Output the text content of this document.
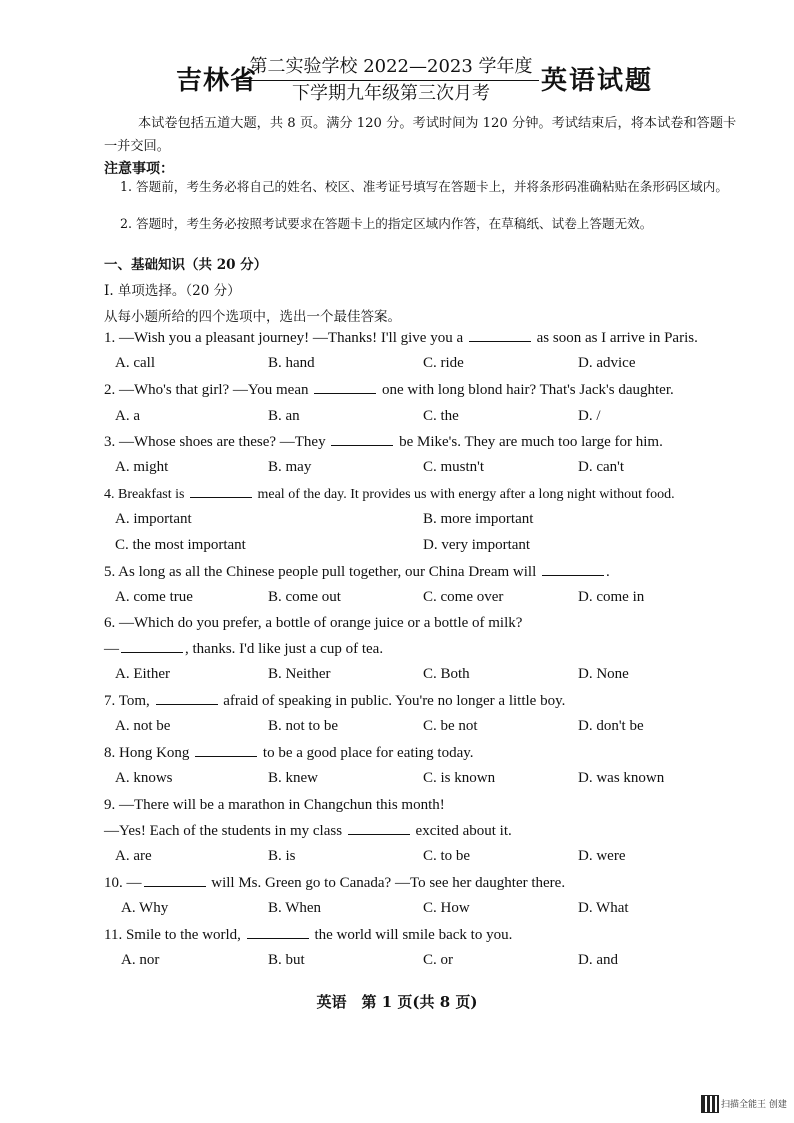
吉林省
第二实验学校 2022—2023 学年度
下学期九年级第三次月考	英语试题
本试卷包括五道大题，共 8 页。满分 120 分。考试时间为 120 分钟。考试结束后，将本试卷和答题卡一并交回。
注意事项：
1. 答题前，考生务必将自己的姓名、校区、准考证号填写在答题卡上，并将条形码准确粘贴在条形码区域内。
2. 答题时，考生务必按照考试要求在答题卡上的指定区域内作答，在草稿纸、试卷上答题无效。
一、基础知识（共 20 分）
I. 单项选择。（20 分）
从每小题所给的四个选项中，选出一个最佳答案。
1. —Wish you a pleasant journey! —Thanks! I'll give you a	as soon as I arrive in Paris.
A. call	B. hand	C. ride	D. advice
2. —Who's that girl? —You mean	one with long blond hair? That's Jack's daughter.
A. a	B. an	C. the	D. /
3. —Whose shoes are these? —They	be Mike's. They are much too large for him.
A. might	B. may	C. mustn't	D. can't
4. Breakfast is	meal of the day. It provides us with energy after a long night without food.
A. important	B. more important
C. the most important	D. very important
5. As long as all the Chinese people pull together, our China Dream will	.
A. come true	B. come out	C. come over	D. come in
6. —Which do you prefer, a bottle of orange juice or a bottle of milk?
—	, thanks. I'd like just a cup of tea.
A. Either	B. Neither	C. Both	D. None
7. Tom,	afraid of speaking in public. You're no longer a little boy.
A. not be	B. not to be	C. be not	D. don't be
8. Hong Kong	to be a good place for eating today.
A. knows	B. knew	C. is known	D. was known
9. —There will be a marathon in Changchun this month!
—Yes! Each of the students in my class	excited about it.
A. are	B. is	C. to be	D. were
10. —	will Ms. Green go to Canada? —To see her daughter there.
A. Why	B. When	C. How	D. What
11. Smile to the world,	the world will smile back to you.
A. nor	B. but	C. or	D. and
英语　第 1 页(共 8 页)
扫描全能王 创建
